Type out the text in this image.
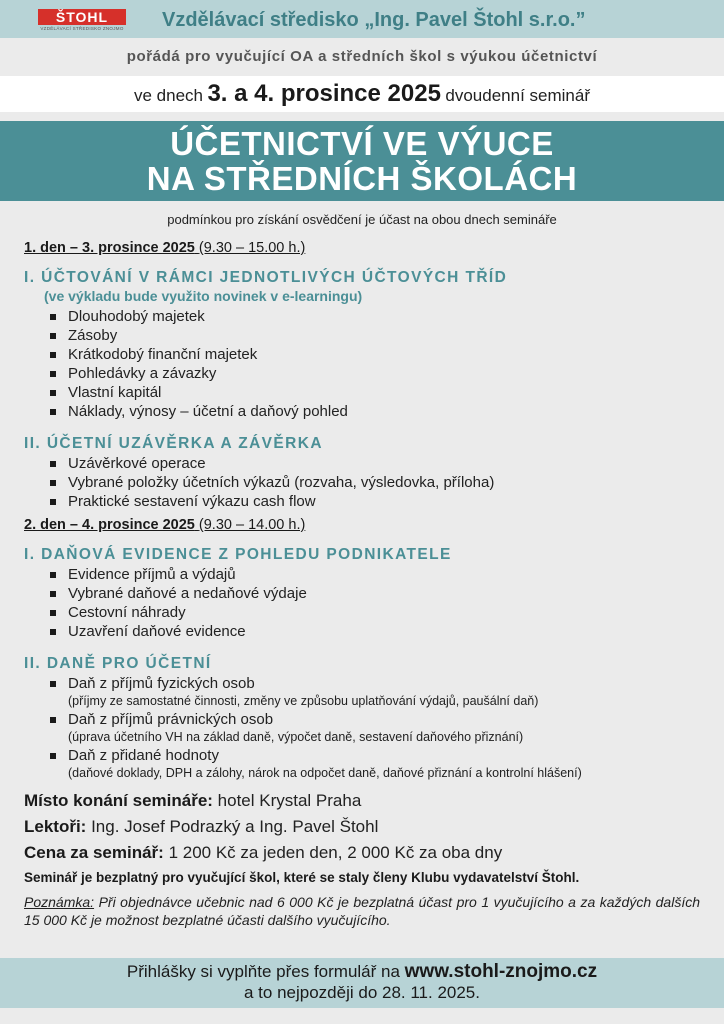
ŠTOHL
VZDĚLÁVACÍ STŘEDISKO ZNOJMO Vzdělávací středisko „Ing. Pavel Štohl s.r.o.”
pořádá pro vyučující OA a středních škol s výukou účetnictví
ve dnech 3. a 4. prosince 2025 dvoudenní seminář
ÚČETNICTVÍ VE VÝUCE
NA STŘEDNÍCH ŠKOLÁCH
podmínkou pro získání osvědčení je účast na obou dnech semináře
1. den – 3. prosince 2025 (9.30 – 15.00 h.)
I. ÚČTOVÁNÍ V RÁMCI JEDNOTLIVÝCH ÚČTOVÝCH TŘÍD
(ve výkladu bude využito novinek v e-learningu)
Dlouhodobý majetek
Zásoby
Krátkodobý finanční majetek
Pohledávky a závazky
Vlastní kapitál
Náklady, výnosy – účetní a daňový pohled
II. ÚČETNÍ UZÁVĚRKA A ZÁVĚRKA
Uzávěrkové operace
Vybrané položky účetních výkazů (rozvaha, výsledovka, příloha)
Praktické sestavení výkazu cash flow
2. den – 4. prosince 2025 (9.30 – 14.00 h.)
I. DAŇOVÁ EVIDENCE Z POHLEDU PODNIKATELE
Evidence příjmů a výdajů
Vybrané daňové a nedaňové výdaje
Cestovní náhrady
Uzavření daňové evidence
II. DANĚ PRO ÚČETNÍ
Daň z příjmů fyzických osob
(příjmy ze samostatné činnosti, změny ve způsobu uplatňování výdajů, paušální daň)
Daň z příjmů právnických osob
(úprava účetního VH na základ daně, výpočet daně, sestavení daňového přiznání)
Daň z přidané hodnoty
(daňové doklady, DPH a zálohy, nárok na odpočet daně, daňové přiznání a kontrolní hlášení)
Místo konání semináře: hotel Krystal Praha
Lektoři: Ing. Josef Podrazký a Ing. Pavel Štohl
Cena za seminář: 1 200 Kč za jeden den, 2 000 Kč za oba dny
Seminář je bezplatný pro vyučující škol, které se staly členy Klubu vydavatelství Štohl.
Poznámka: Při objednávce učebnic nad 6 000 Kč je bezplatná účast pro 1 vyučujícího a za každých dalších 15 000 Kč je možnost bezplatné účasti dalšího vyučujícího.
Přihlášky si vyplňte přes formulář na www.stohl-znojmo.cz
a to nejpozději do 28. 11. 2025.
